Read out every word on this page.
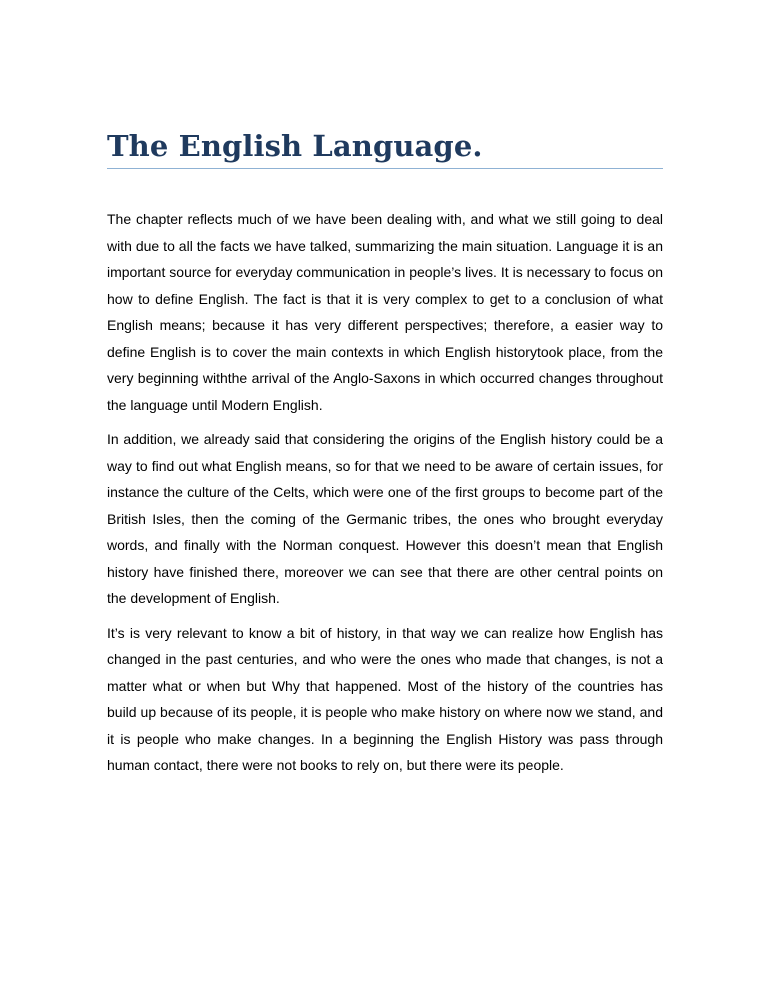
The English Language.

The chapter reflects much of we have been dealing with, and what we still going to deal with due to all the facts we have talked, summarizing the main situation. Language it is an important source for everyday communication in people’s lives. It is necessary to focus on how to define English. The fact is that it is very complex to get to a conclusion of what English means; because it has very different perspectives; therefore, a easier way to define English is to cover the main contexts in which English historytook place, from the very beginning withthe arrival of the Anglo-Saxons in which occurred changes throughout the language until Modern English.

In addition, we already said that considering the origins of the English history could be a way to find out what English means, so for that we need to be aware of certain issues, for instance the culture of the Celts, which were one of the first groups to become part of the British Isles, then the coming of the Germanic tribes, the ones who brought everyday words, and finally with the Norman conquest. However this doesn’t mean that English history have finished there, moreover we can see that there are other central points on the development of English.

It’s is very relevant to know a bit of history, in that way we can realize how English has changed in the past centuries, and who were the ones who made that changes, is not a matter what or when but Why that happened. Most of the history of the countries has build up because of its people, it is people who make history on where now we stand, and it is people who make changes. In a beginning the English History was pass through human contact, there were not books to rely on, but there were its people.
